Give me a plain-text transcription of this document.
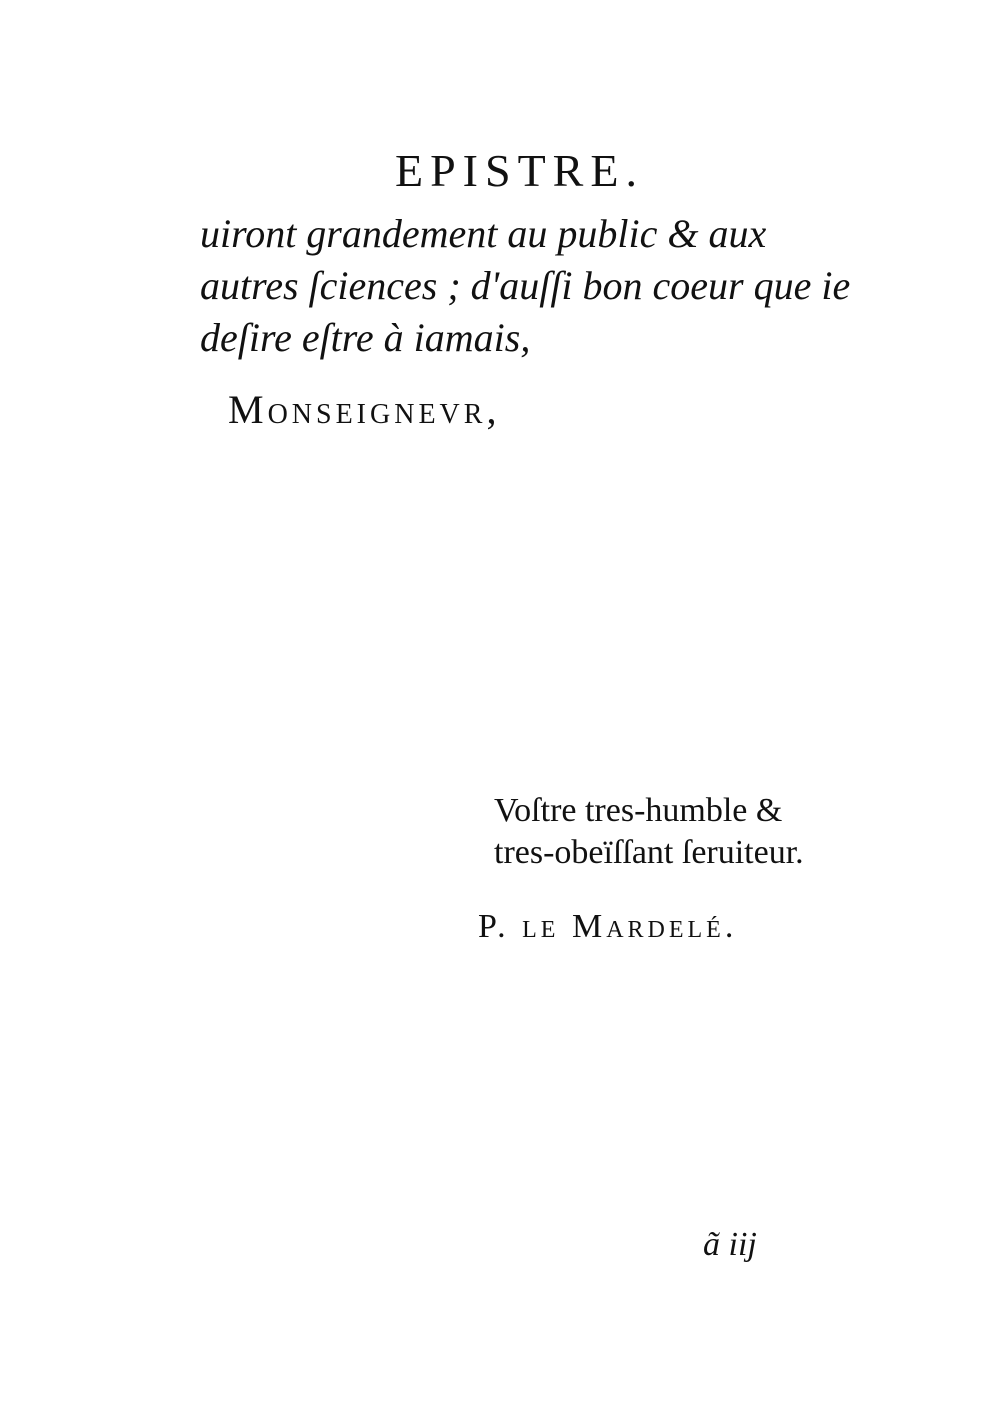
EPISTRE.
uiront grandement au public & aux
autres ſciences ; d'auſſi bon coeur que ie
deſire eſtre à iamais,
Monseignevr,
Voſtre tres-humble &
tres-obeïſſant ſeruiteur.
P. le Mardelé.
ã iij
